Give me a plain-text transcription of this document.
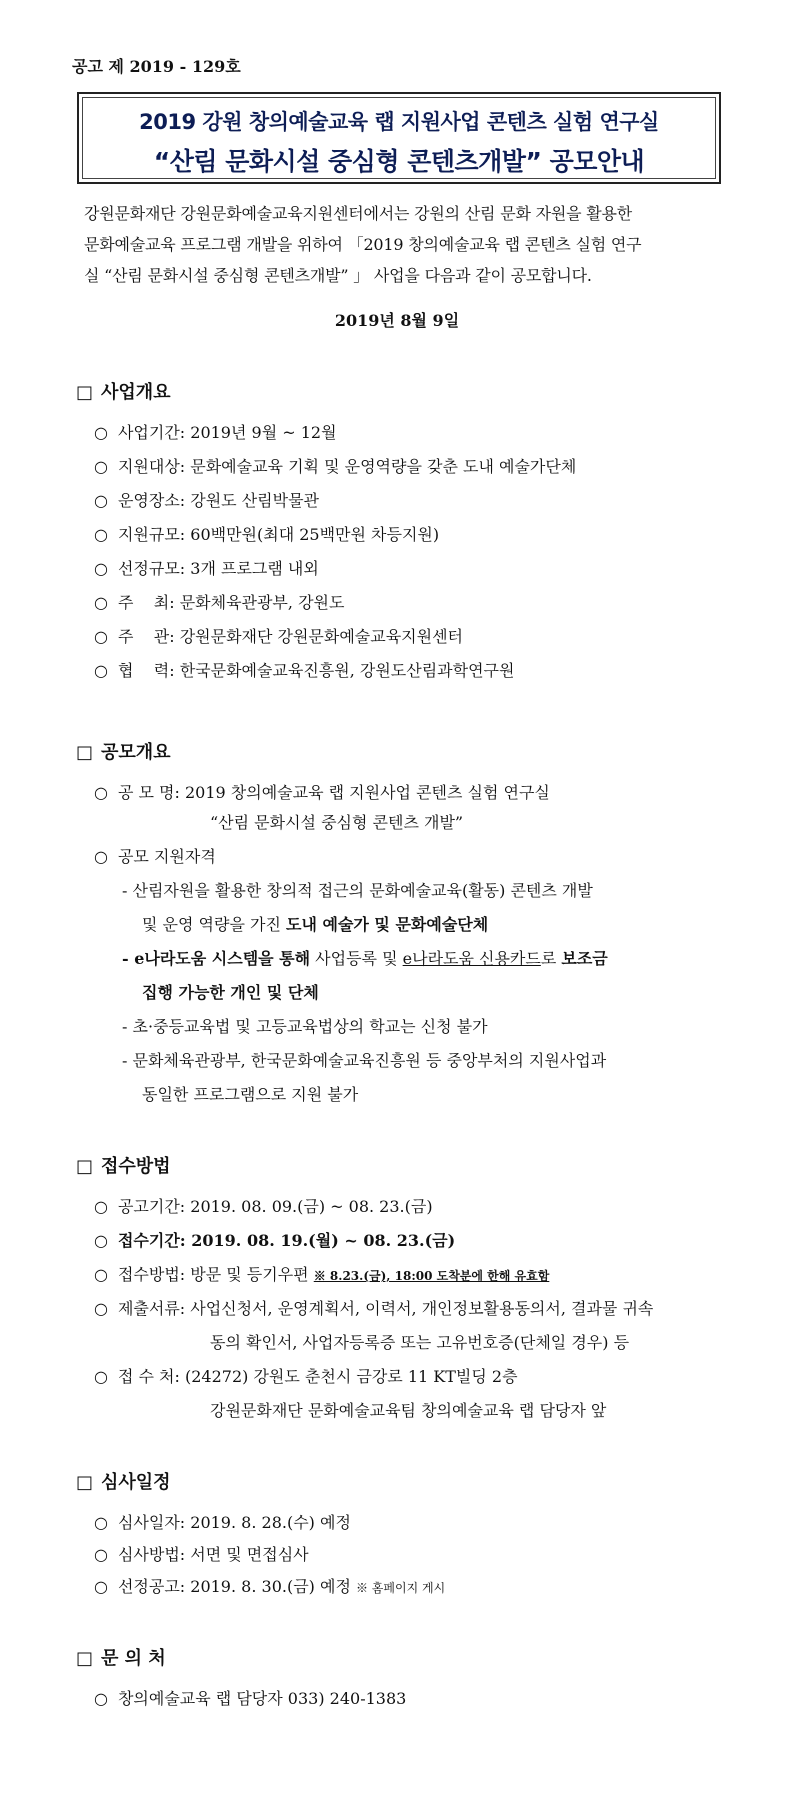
공고 제 2019 - 129호
2019 강원 창의예술교육 랩 지원사업 콘텐츠 실험 연구실
“산림 문화시설 중심형 콘텐츠개발” 공모안내
강원문화재단 강원문화예술교육지원센터에서는 강원의 산림 문화 자원을 활용한
문화예술교육 프로그램 개발을 위하여 「2019 창의예술교육 랩 콘텐츠 실험 연구
실 “산림 문화시설 중심형 콘텐츠개발” 」 사업을 다음과 같이 공모합니다.
2019년 8월 9일
□ 사업개요
○ 사업기간: 2019년 9월 ~ 12월
○ 지원대상: 문화예술교육 기획 및 운영역량을 갖춘 도내 예술가단체
○ 운영장소: 강원도 산림박물관
○ 지원규모: 60백만원(최대 25백만원 차등지원)
○ 선정규모: 3개 프로그램 내외
○ 주    최: 문화체육관광부, 강원도
○ 주    관: 강원문화재단 강원문화예술교육지원센터
○ 협    력: 한국문화예술교육진흥원, 강원도산림과학연구원
□ 공모개요
○ 공 모 명: 2019 창의예술교육 랩 지원사업 콘텐츠 실험 연구실
“산림 문화시설 중심형 콘텐츠 개발”
○ 공모 지원자격
- 산림자원을 활용한 창의적 접근의 문화예술교육(활동) 콘텐츠 개발
및 운영 역량을 가진 도내 예술가 및 문화예술단체
- e나라도움 시스템을 통해 사업등록 및 e나라도움 신용카드로 보조금
집행 가능한 개인 및 단체
- 초·중등교육법 및 고등교육법상의 학교는 신청 불가
- 문화체육관광부, 한국문화예술교육진흥원 등 중앙부처의 지원사업과
동일한 프로그램으로 지원 불가
□ 접수방법
○ 공고기간: 2019. 08. 09.(금) ~ 08. 23.(금)
○ 접수기간: 2019. 08. 19.(월) ~ 08. 23.(금)
○ 접수방법: 방문 및 등기우편 ※ 8.23.(금), 18:00 도착분에 한해 유효함
○ 제출서류: 사업신청서, 운영계획서, 이력서, 개인정보활용동의서, 결과물 귀속
동의 확인서, 사업자등록증 또는 고유번호증(단체일 경우) 등
○ 접 수 처: (24272) 강원도 춘천시 금강로 11 KT빌딩 2층
강원문화재단 문화예술교육팀 창의예술교육 랩 담당자 앞
□ 심사일정
○ 심사일자: 2019. 8. 28.(수) 예정
○ 심사방법: 서면 및 면접심사
○ 선정공고: 2019. 8. 30.(금) 예정 ※ 홈페이지 게시
□ 문 의 처
○ 창의예술교육 랩 담당자 033) 240-1383
